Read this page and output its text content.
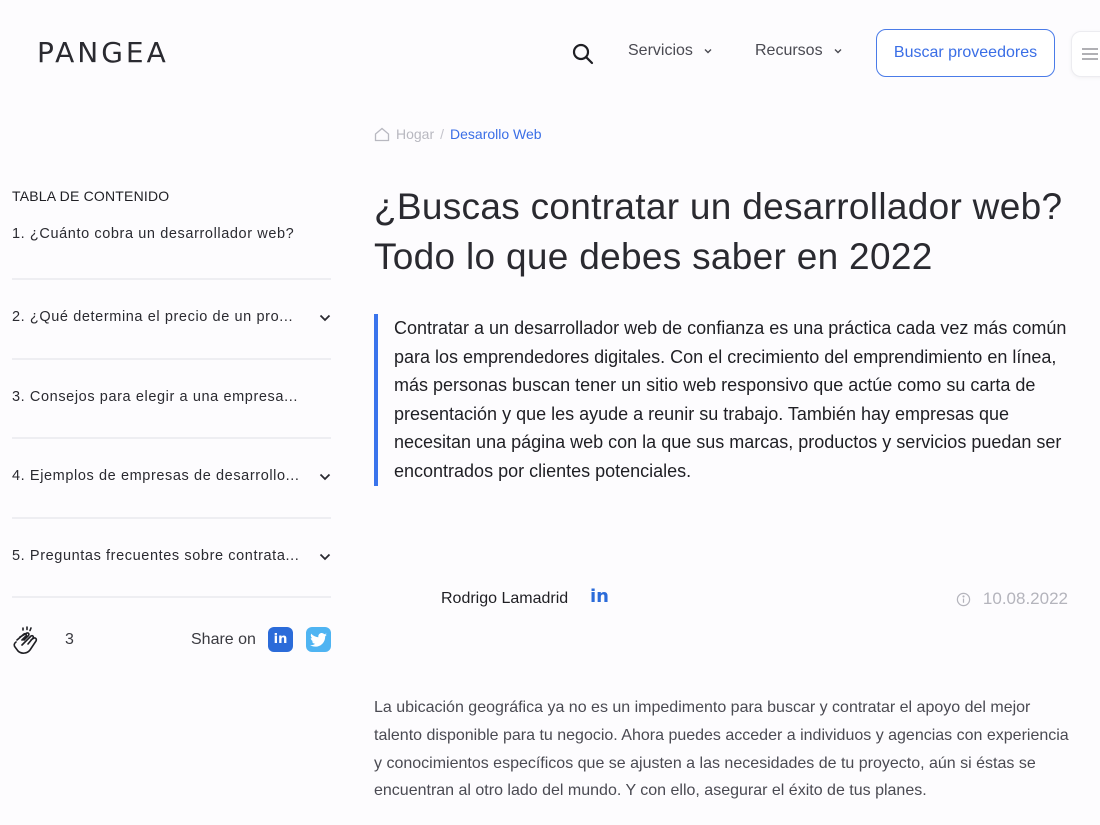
PANGEA	Servicios	Recursos	Buscar proveedores
Hogar / Desarollo Web
TABLA DE CONTENIDO
1. ¿Cuánto cobra un desarrollador web?
2. ¿Qué determina el precio de un pro...
3. Consejos para elegir a una empresa...
4. Ejemplos de empresas de desarrollo...
5. Preguntas frecuentes sobre contrata...
3	Share on in
¿Buscas contratar un desarrollador web?
Todo lo que debes saber en 2022
Contratar a un desarrollador web de confianza es una práctica cada vez más común para los emprendedores digitales. Con el crecimiento del emprendimiento en línea, más personas buscan tener un sitio web responsivo que actúe como su carta de presentación y que les ayude a reunir su trabajo. También hay empresas que necesitan una página web con la que sus marcas, productos y servicios puedan ser encontrados por clientes potenciales.
Rodrigo Lamadrid in	10.08.2022

La ubicación geográfica ya no es un impedimento para buscar y contratar el apoyo del mejor talento disponible para tu negocio. Ahora puedes acceder a individuos y agencias con experiencia y conocimientos específicos que se ajusten a las necesidades de tu proyecto, aún si éstas se encuentran al otro lado del mundo. Y con ello, asegurar el éxito de tus planes.
